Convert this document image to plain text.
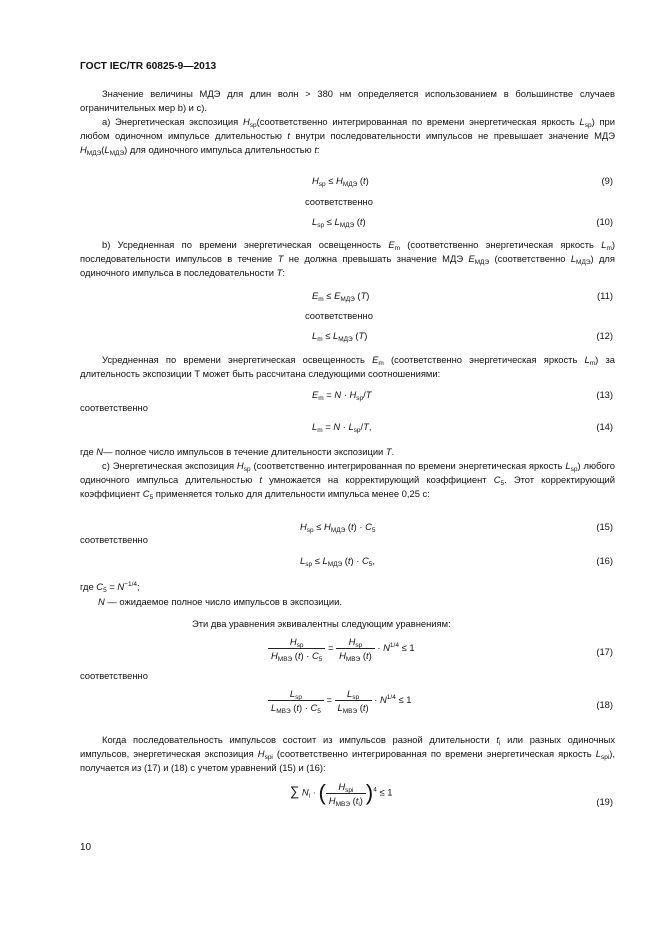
ГОСТ IEC/TR 60825-9—2013
Значение величины МДЭ для длин волн > 380 нм определяется использованием в большинстве случаев ограничительных мер b) и c).
a) Энергетическая экспозиция $H_{sp}(соответственно$ интегрированная по времени энергетическая яркость $L_{sp}$) при любом одиночном импульсе длительностью t внутри последовательности импульсов не превышает значение МДЭ $H_{МДЭ}(L_{МДЭ})$ для одиночного импульса длительностью t:
$H_{sp} \le H_{МДЭ}$ (t)	(9)
соответственно
$L_{sp} \le L_{МДЭ}$ (t)	(10)
b) Усредненная по времени энергетическая освещенность $E_m$ (соответственно энергетическая яркость $L_m$) последовательности импульсов в течение T не должна превышать значение МДЭ $E_{МДЭ}$ (соответственно $L_{МДЭ}$) для одиночного импульса в последовательности T:
$E_m \le E_{МДЭ}$ (T)	(11)
соответственно
$L_m \le L_{МДЭ}$ (T)	(12)
Усредненная по времени энергетическая освещенность $E_m$ (соответственно энергетическая яркость $L_m$) за длительность экспозиции Т может быть рассчитана следующими соотношениями:
$E_m = N \cdot H_{sp}/T$	(13)
соответственно
$L_m = N \cdot L_{sp}/T$,	(14)
где N— полное число импульсов в течение длительности экспозиции T.
c) Энергетическая экспозиция $H_{sp}$ (соответственно интегрированная по времени энергетическая яркость $L_{sp}$) любого одиночного импульса длительностью t умножается на корректирующий коэффициент $C_5$. Этот корректирующий коэффициент $C_5$ применяется только для длительности импульса менее 0,25 с:
$H_{sp} \le H_{МДЭ}$ $(t) \cdot C_5$	(15)
соответственно
$L_{sp} \le L_{МДЭ}$ $(t) \cdot C_5$,	(16)
где $C_5 = N^{-1/4}$;
N — ожидаемое полное число импульсов в экспозиции.
Эти два уравнения эквивалентны следующим уравнениям:
$\frac{H_{sp}}{H_{МВЭ} (t) \cdot C_5} = \frac{H_{sp}}{H_{МВЭ} (t)} \cdot N^{1/4} \le 1$	(17)
соответственно
$\frac{L_{sp}}{L_{МВЭ} (t) \cdot C_5} = \frac{L_{sp}}{L_{МВЭ} (t)} \cdot N^{1/4} \le 1$	(18)
Когда последовательность импульсов состоит из импульсов разной длительности $t_i$ или разных одиночных импульсов, энергетическая экспозиция $H_{spi}$ (соответственно интегрированная по времени энергетическая яркость $L_{spi}$), получается из (17) и (18) с учетом уравнений (15) и (16):
∑ $N_i$ · ( $\frac{H_{spi}}{H_{МВЭ} (t_i)} )^4 \le 1$
(19)
10
